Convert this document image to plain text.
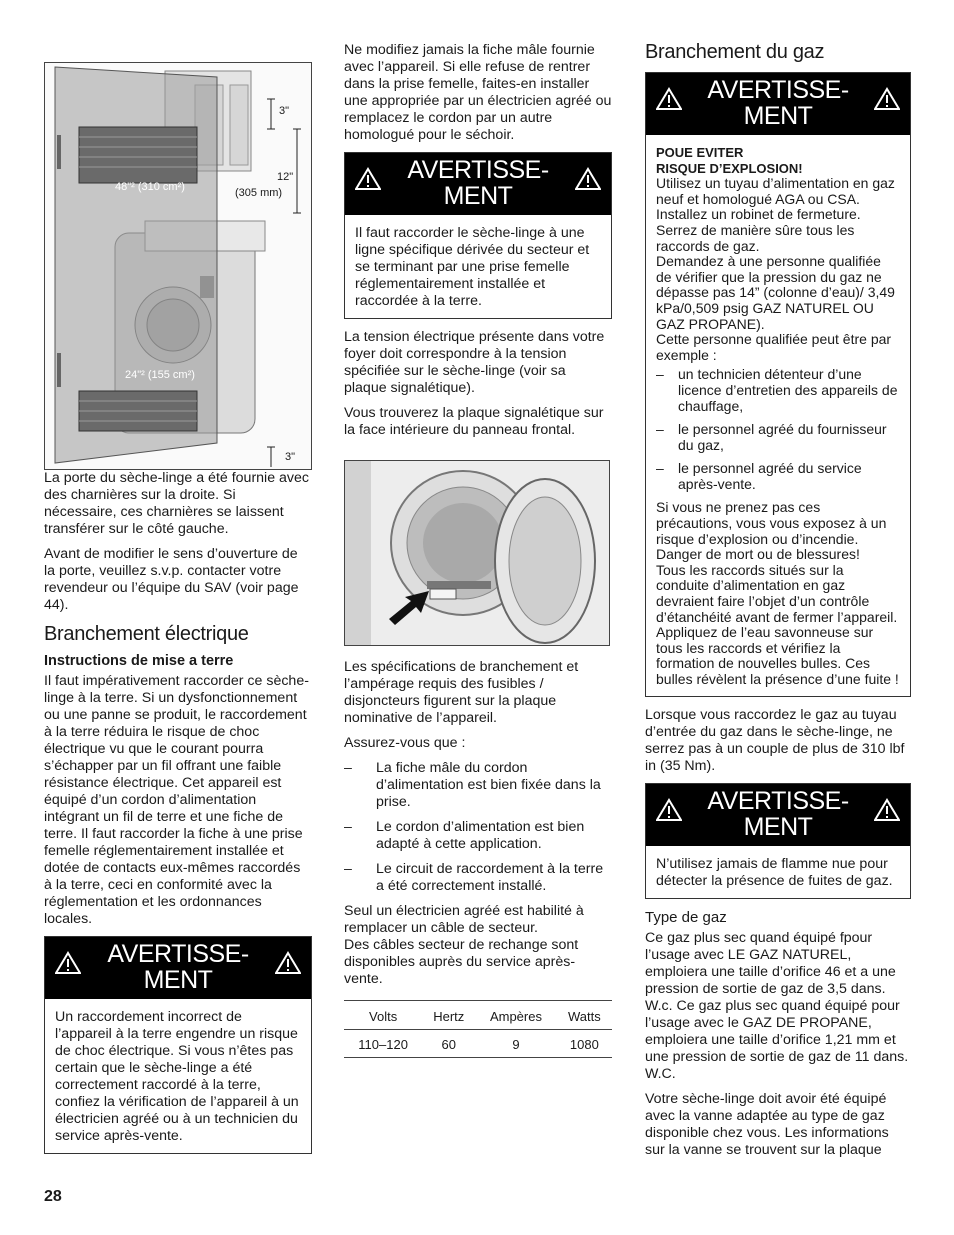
3"
12"
(305 mm)
3"
48"² (310 cm²)
24"² (155 cm²)

La porte du sèche-linge a été fournie avec des charnières sur la droite. Si nécessaire, ces charnières se laissent transférer sur le côté gauche.

Avant de modifier le sens d’ouverture de la porte, veuillez s.v.p. contacter votre revendeur ou l’équipe du SAV (voir page 44).

Branchement électrique
Instructions de mise a terre

Il faut impérativement raccorder ce sèche-linge à la terre. Si un dysfonctionnement ou une panne se produit, le raccordement à la terre réduira le risque de choc électrique vu que le courant pourra s’échapper par un fil offrant une faible résistance électrique. Cet appareil est équipé d’un cordon d’alimentation intégrant un fil de terre et une fiche de terre. Il faut raccorder la fiche à une prise femelle réglementairement installée et dotée de contacts eux-mêmes raccordés à la terre, ceci en conformité avec la réglementation et les ordonnances locales.

AVERTISSE-
MENT

Un raccordement incorrect de l’appareil à la terre engendre un risque de choc électrique. Si vous n’êtes pas certain que le sèche-linge a été correctement raccordé à la terre, confiez la vérification de l’appareil à un électricien agréé ou à un technicien du service après-vente.

Ne modifiez jamais la fiche mâle fournie avec l’appareil. Si elle refuse de rentrer dans la prise femelle, faites-en installer une appropriée par un électricien agréé ou remplacez le cordon par un autre homologué pour le séchoir.

AVERTISSE-
MENT

Il faut raccorder le sèche-linge à une ligne spécifique dérivée du secteur et se terminant par une prise femelle réglementairement installée et raccordée à la terre.

La tension électrique présente dans votre foyer doit correspondre à la tension spécifiée sur le sèche-linge (voir sa plaque signalétique).

Vous trouverez la plaque signalétique sur la face intérieure du panneau frontal.

Les spécifications de branchement et l’ampérage requis des fusibles / disjoncteurs figurent sur la plaque nominative de l’appareil.

Assurez-vous que :

– La fiche mâle du cordon d’alimentation est bien fixée dans la prise.
– Le cordon d’alimentation est bien adapté à cette application.
– Le circuit de raccordement à la terre a été correctement installé.

Seul un électricien agréé est habilité à remplacer un câble de secteur.
Des câbles secteur de rechange sont disponibles auprès du service après-vente.

Volts	Hertz	Ampères	Watts
110–120	60	9	1080
Branchement du gaz
AVERTISSE-
MENT

POUE EVITER
RISQUE D’EXPLOSION!

Utilisez un tuyau d’alimentation en gaz neuf et homologué AGA ou CSA.
Installez un robinet de fermeture.
Serrez de manière sûre tous les raccords de gaz.
Demandez à une personne qualifiée de vérifier que la pression du gaz ne dépasse pas 14” (colonne d’eau)/ 3,49 kPa/0,509 psig GAZ NATUREL OU GAZ PROPANE).
Cette personne qualifiée peut être par exemple :

– un technicien détenteur d’une licence d’entretien des appareils de chauffage,
– le personnel agréé du fournisseur du gaz,
– le personnel agréé du service après-vente.

Si vous ne prenez pas ces précautions, vous vous exposez à un risque d’explosion ou d’incendie. Danger de mort ou de blessures!
Tous les raccords situés sur la conduite d’alimentation en gaz devraient faire l’objet d’un contrôle d’étanchéité avant de fermer l’appareil. Appliquez de l’eau savonneuse sur tous les raccords et vérifiez la formation de nouvelles bulles. Ces bulles révèlent la présence d’une fuite !

Lorsque vous raccordez le gaz au tuyau d’entrée du gaz dans le sèche-linge, ne serrez pas à un couple de plus de 310 lbf in (35 Nm).

AVERTISSE-
MENT

N’utilisez jamais de flamme nue pour détecter la présence de fuites de gaz.

Type de gaz

Ce gaz plus sec quand équipé fpour l’usage avec LE GAZ NATUREL, emploiera une taille d’orifice 46 et a une pression de sortie de gaz de 3,5 dans. W.c. Ce gaz plus sec quand équipé pour l’usage avec le GAZ DE PROPANE, emploiera une taille d’orifice 1,21 mm et une pression de sortie de gaz de 11 dans. W.C.

Votre sèche-linge doit avoir été équipé avec la vanne adaptée au type de gaz disponible chez vous. Les informations sur la vanne se trouvent sur la plaque

28
